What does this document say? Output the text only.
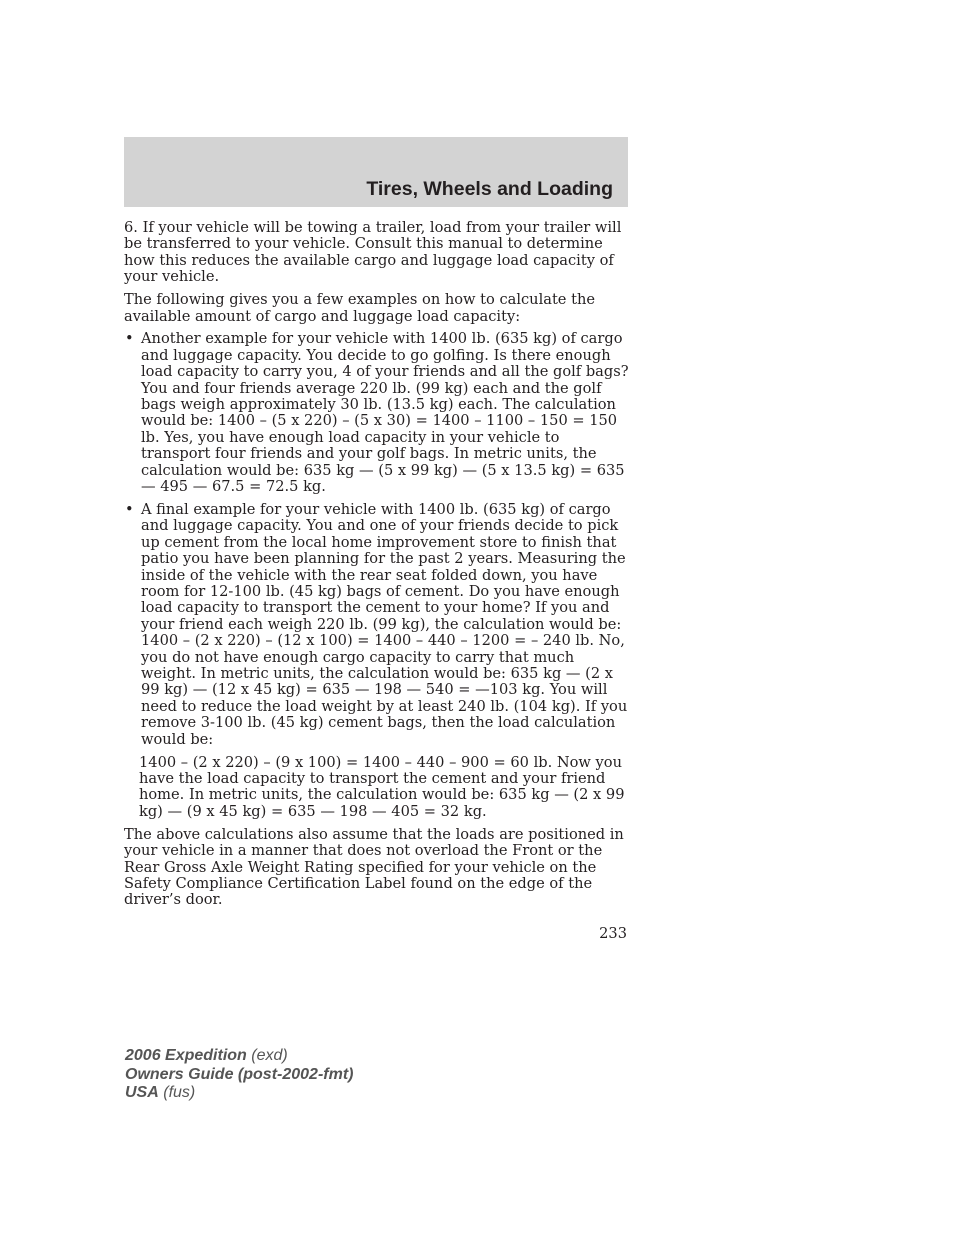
Tires, Wheels and Loading

6. If your vehicle will be towing a trailer, load from your trailer will be transferred to your vehicle. Consult this manual to determine how this reduces the available cargo and luggage load capacity of your vehicle.

The following gives you a few examples on how to calculate the available amount of cargo and luggage load capacity:

• Another example for your vehicle with 1400 lb. (635 kg) of cargo and luggage capacity. You decide to go golfing. Is there enough load capacity to carry you, 4 of your friends and all the golf bags? You and four friends average 220 lb. (99 kg) each and the golf bags weigh approximately 30 lb. (13.5 kg) each. The calculation would be: 1400 – (5 x 220) – (5 x 30) = 1400 – 1100 – 150 = 150 lb. Yes, you have enough load capacity in your vehicle to transport four friends and your golf bags. In metric units, the calculation would be: 635 kg — (5 x 99 kg) — (5 x 13.5 kg) = 635 — 495 — 67.5 = 72.5 kg.
• A final example for your vehicle with 1400 lb. (635 kg) of cargo and luggage capacity. You and one of your friends decide to pick up cement from the local home improvement store to finish that patio you have been planning for the past 2 years. Measuring the inside of the vehicle with the rear seat folded down, you have room for 12-100 lb. (45 kg) bags of cement. Do you have enough load capacity to transport the cement to your home? If you and your friend each weigh 220 lb. (99 kg), the calculation would be: 1400 – (2 x 220) – (12 x 100) = 1400 – 440 – 1200 = – 240 lb. No, you do not have enough cargo capacity to carry that much weight. In metric units, the calculation would be: 635 kg — (2 x 99 kg) — (12 x 45 kg) = 635 — 198 — 540 = —103 kg. You will need to reduce the load weight by at least 240 lb. (104 kg). If you remove 3-100 lb. (45 kg) cement bags, then the load calculation would be:

1400 – (2 x 220) – (9 x 100) = 1400 – 440 – 900 = 60 lb. Now you have the load capacity to transport the cement and your friend home. In metric units, the calculation would be: 635 kg — (2 x 99 kg) — (9 x 45 kg) = 635 — 198 — 405 = 32 kg.

The above calculations also assume that the loads are positioned in your vehicle in a manner that does not overload the Front or the Rear Gross Axle Weight Rating specified for your vehicle on the Safety Compliance Certification Label found on the edge of the driver’s door.

233
2006 Expedition (exd)
Owners Guide (post-2002-fmt)
USA (fus)
